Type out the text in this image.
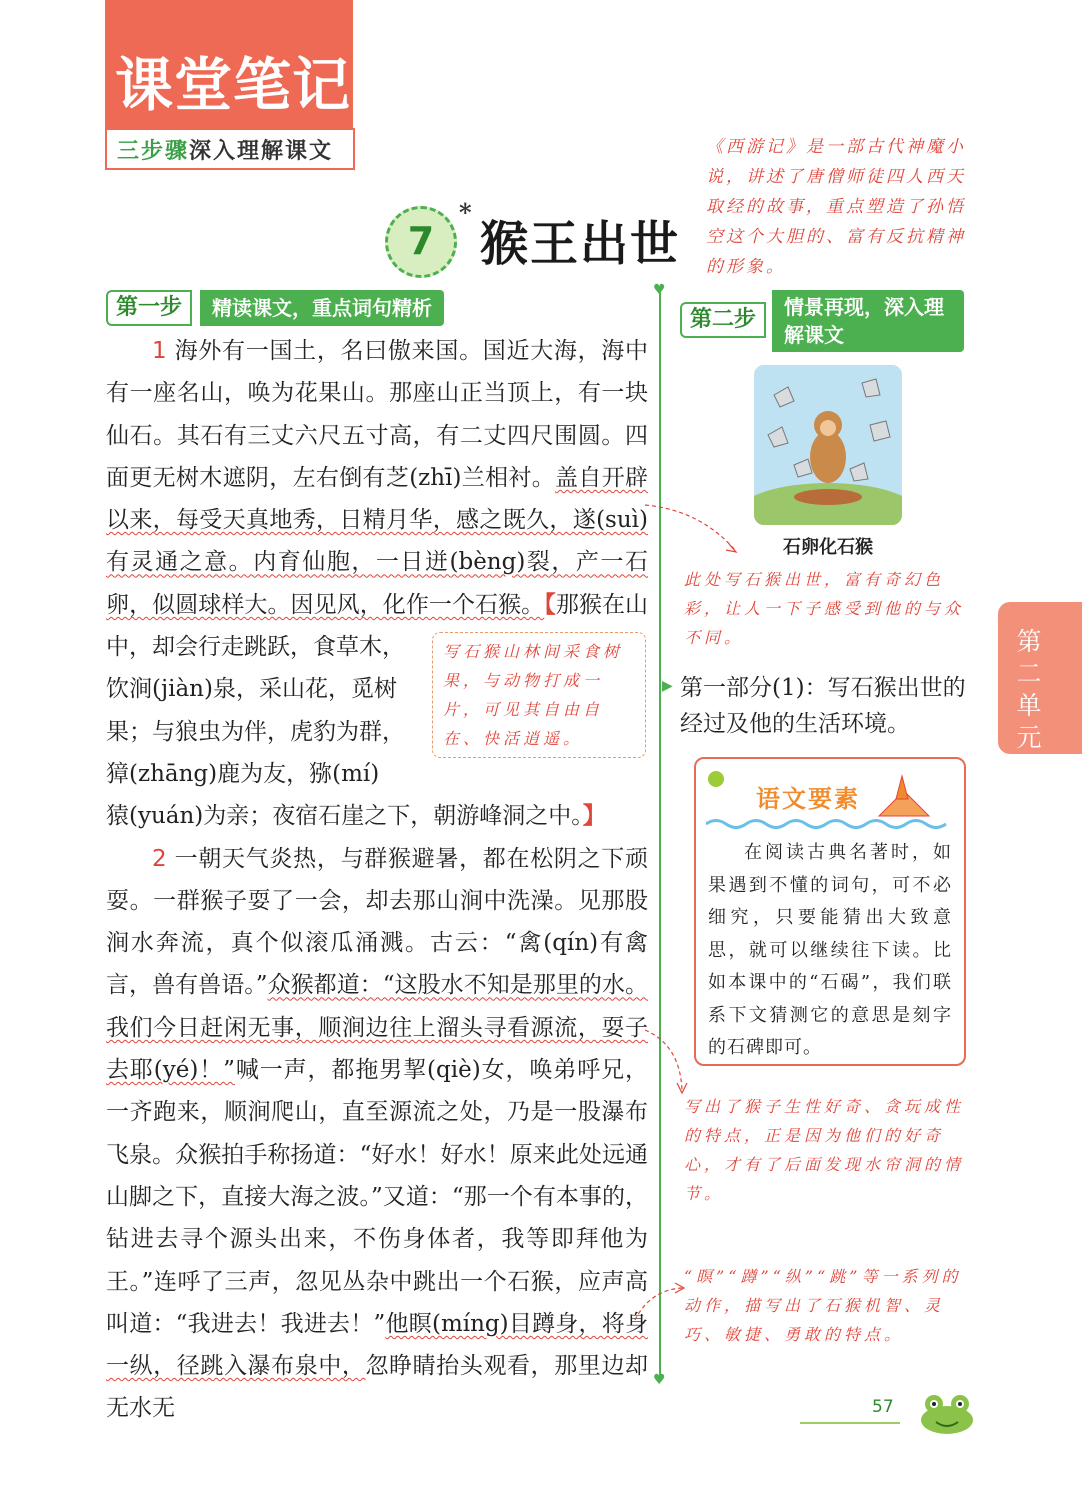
课堂笔记
三步骤深入理解课文
7
*
猴王出世
《西游记》是一部古代神魔小说，讲述了唐僧师徒四人西天取经的故事，重点塑造了孙悟空这个大胆的、富有反抗精神的形象。
第一步	精读课文，重点词句精析	第二步	情景再现，深入理解课文
♥
♥
▶

1 海外有一国土，名曰傲来国。国近大海，海中有一座名山，唤为花果山。那座山正当顶上，有一块仙石。其石有三丈六尺五寸高，有二丈四尺围圆。四面更无树木遮阴，左右倒有芝(zhī)兰相衬。盖自开辟以来，每受天真地秀，日精月华，感之既久，遂(suì)有灵通之意。内育仙胞，一日迸(bèng)裂，产一石卵，似圆球样大。因见风，化作一个石猴。【那猴在山中，却会行走跳跃，食草木，

饮涧(jiàn)泉，采山花，觅树
果；与狼虫为伴，虎豹为群，
獐(zhāng)鹿为友，猕(mí)

猿(yuán)为亲；夜宿石崖之下，朝游峰洞之中。】

2 一朝天气炎热，与群猴避暑，都在松阴之下顽耍。一群猴子耍了一会，却去那山涧中洗澡。见那股涧水奔流，真个似滚瓜涌溅。古云：“禽(qín)有禽言，兽有兽语。”众猴都道：“这股水不知是那里的水。我们今日赶闲无事，顺涧边往上溜头寻看源流，耍子去耶(yé)！”喊一声，都拖男挈(qiè)女，唤弟呼兄，一齐跑来，顺涧爬山，直至源流之处，乃是一股瀑布飞泉。众猴拍手称扬道：“好水！好水！原来此处远通山脚之下，直接大海之波。”又道：“那一个有本事的，钻进去寻个源头出来，不伤身体者，我等即拜他为王。”连呼了三声，忽见丛杂中跳出一个石猴，应声高叫道：“我进去！我进去！”他瞑(míng)目蹲身，将身一纵，径跳入瀑布泉中，忽睁睛抬头观看，那里边却无水无

写石猴山林间采食树果，与动物打成一片，可见其自由自在、快活逍遥。
石卵化石猴
此处写石猴出世，富有奇幻色彩，让人一下子感受到他的与众不同。
第一部分(1)：写石猴出世的经过及他的生活环境。
语文要素
在阅读古典名著时，如果遇到不懂的词句，可不必细究，只要能猜出大致意思，就可以继续往下读。比如本课中的“石碣”，我们联系下文猜测它的意思是刻字的石碑即可。
写出了猴子生性好奇、贪玩成性的特点，正是因为他们的好奇心，才有了后面发现水帘洞的情节。
“瞑”“蹲”“纵”“跳”等一系列的动作，描写出了石猴机智、灵巧、敏捷、勇敢的特点。
第二单元
57
